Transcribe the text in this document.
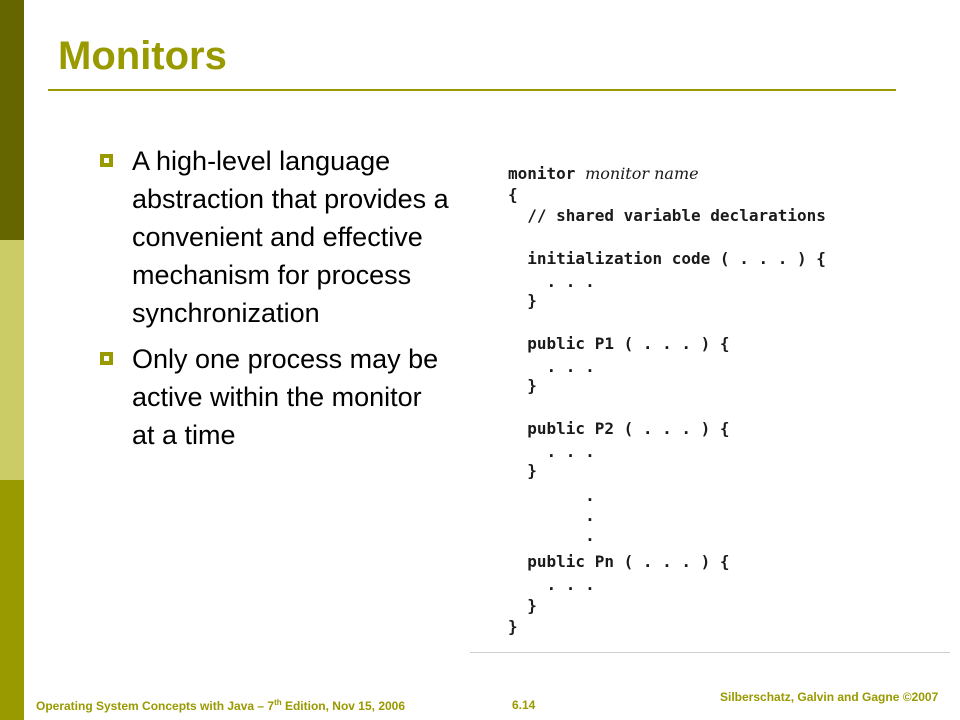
Monitors
A high-level language abstraction that provides a convenient and effective mechanism for process synchronization
Only one process may be active within the monitor at a time
monitor monitor name
{
// shared variable declarations
initialization code ( . . . ) {
. . .
}
public P1 ( . . . ) {
. . .
}
public P2 ( . . . ) {
. . .
}
.
.
.
public Pn ( . . . ) {
. . .
}
}
Operating System Concepts with Java – 7th Edition, Nov 15, 2006	6.14
Silberschatz, Galvin and Gagne ©2007
